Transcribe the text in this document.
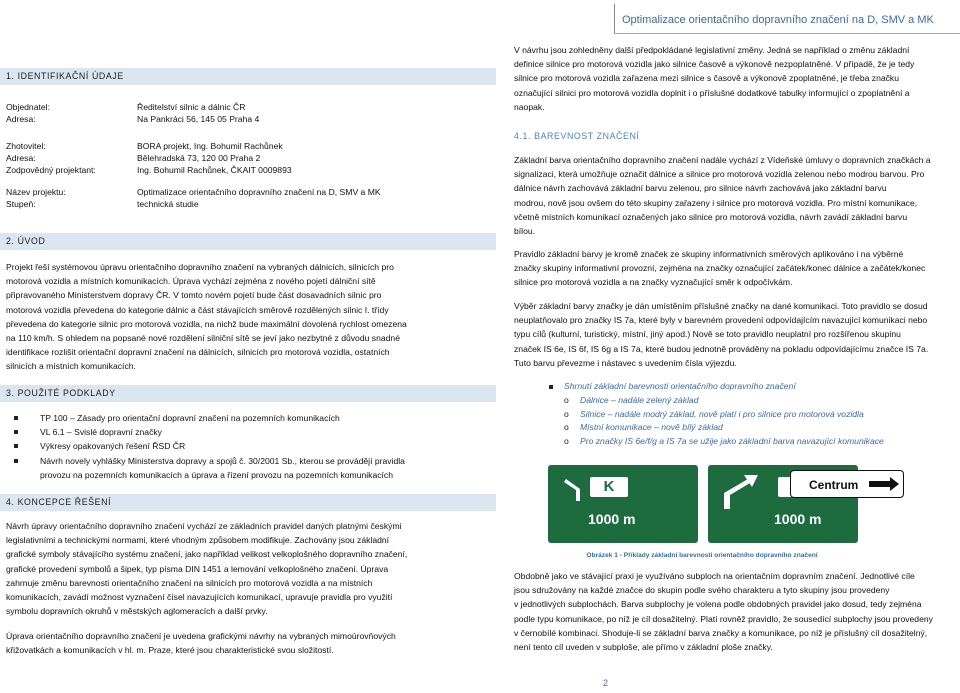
Optimalizace orientačního dopravního značení na D, SMV a MK
1. IDENTIFIKAČNÍ ÚDAJE
Objednatel:	Ředitelství silnic a dálnic ČR
Adresa:	Na Pankráci 56, 145 05 Praha 4
Zhotovitel:	BORA projekt, Ing. Bohumil Rachůnek
Adresa:	Bělehradská 73, 120 00 Praha 2
Zodpovědný projektant:	Ing. Bohumil Rachůnek, ČKAIT 0009893
Název projektu:	Optimalizace orientačního dopravního značení na D, SMV a MK
Stupeň:	technická studie
2. ÚVOD
Projekt řeší systémovou úpravu orientačního dopravního značení na vybraných dálnicích, silnicích pro
motorová vozidla a místních komunikacích. Úprava vychází zejména z nového pojetí dálniční sítě
připravovaného Ministerstvem dopravy ČR. V tomto novém pojetí bude část dosavadních silnic pro
motorová vozidla převedena do kategorie dálnic a část stávajících směrově rozdělených silnic I. třídy
převedena do kategorie silnic pro motorová vozidla, na nichž bude maximální dovolená rychlost omezena
na 110 km/h. S ohledem na popsané nové rozdělení silniční sítě se jeví jako nezbytné z důvodu snadné
identifikace rozlišit orientační dopravní značení na dálnicích, silnicích pro motorová vozidla, ostatních
silnicích a místních komunikacích.
3. POUŽITÉ PODKLADY
TP 100 – Zásady pro orientační dopravní značení na pozemních komunikacích
VL 6.1 – Svislé dopravní značky
Výkresy opakovaných řešení ŘSD ČR
Návrh novely vyhlášky Ministerstva dopravy a spojů č. 30/2001 Sb., kterou se provádějí pravidla
provozu na pozemních komunikacích a úprava a řízení provozu na pozemních komunikacích
4. KONCEPCE ŘEŠENÍ
Návrh úpravy orientačního dopravního značení vychází ze základních pravidel daných platnými českými
legislativními a technickými normami, které vhodným způsobem modifikuje. Zachovány jsou základní
grafické symboly stávajícího systému značení, jako například velikost velkoplošného dopravního značení,
grafické provedení symbolů a šipek, typ písma DIN 1451 a lemování velkoplošného značení. Úprava
zahrnuje změnu barevnosti orientačního značení na silnicích pro motorová vozidla a na místních
komunikacích, zavádí možnost vyznačení čísel navazujících komunikací, upravuje pravidla pro využití
symbolu dopravních okruhů v městských aglomeracích a další prvky.
Úprava orientačního dopravního značení je uvedena grafickými návrhy na vybraných mimoúrovňových
křižovatkách a komunikacích v hl. m. Praze, které jsou charakteristické svou složitostí.
V návrhu jsou zohledněny další předpokládané legislativní změny. Jedná se například o změnu základní
definice silnice pro motorová vozidla jako silnice časově a výkonově nezpoplatněné. V případě, že je tedy
silnice pro motorová vozidla zařazena mezi silnice s časově a výkonově zpoplatněné, je třeba značku
označující silnici pro motorová vozidla doplnit i o příslušné dodatkové tabulky informující o zpoplatnění a
naopak.
4.1. BAREVNOST ZNAČENÍ
Základní barva orientačního dopravního značení nadále vychází z Vídeňské úmluvy o dopravních značkách a
signalizaci, která umožňuje označit dálnice a silnice pro motorová vozidla zelenou nebo modrou barvou. Pro
dálnice návrh zachovává základní barvu zelenou, pro silnice návrh zachovává jako základní barvu
modrou, nově jsou ovšem do této skupiny zařazeny i silnice pro motorová vozidla. Pro místní komunikace,
včetně místních komunikací označených jako silnice pro motorová vozidla, návrh zavádí základní barvu
bílou.
Pravidlo základní barvy je kromě značek ze skupiny informativních směrových aplikováno i na výběrné
značky skupiny informativní provozní, zejména na značky označující začátek/konec dálnice a začátek/konec
silnice pro motorová vozidla a na značky vyznačující směr k odpočívkám.
Výběr základní barvy značky je dán umístěním příslušné značky na dané komunikaci. Toto pravidlo se dosud
neuplatňovalo pro značky IS 7a, které byly v barevném provedení odpovídajícím navazující komunikaci nebo
typu cílů (kulturní, turistický, místní, jiný apod.) Nově se toto pravidlo neuplatní pro rozšířenou skupinu
značek IS 6e, IS 6f, IS 6g a IS 7a, které budou jednotně prováděny na pokladu odpovídajícímu značce IS 7a.
Tuto barvu převezme i nástavec s uvedením čísla výjezdu.
Shrnutí základní barevnosti orientačního dopravního značení
o Dálnice – nadále zelený základ
o Silnice – nadále modrý základ, nově platí i pro silnice pro motorová vozidla
o Místní komunikace – nově bílý základ
o Pro značky IS 6e/f/g a IS 7a se užije jako základní barva navazující komunikace
K
1000 m	1000 m
Centrum
Obrázek 1 - Příklady základní barevnosti orientačního dopravního značení
Obdobně jako ve stávající praxi je využíváno subploch na orientačním dopravním značení. Jednotlivé cíle
jsou sdružovány na každé značce do skupin podle svého charakteru a tyto skupiny jsou provedeny
v jednotlivých subplochách. Barva subplochy je volena podle obdobných pravidel jako dosud, tedy zejména
podle typu komunikace, po níž je cíl dosažitelný. Platí rovněž pravidlo, že sousedící subplochy jsou provedeny
v černobílé kombinaci. Shoduje-li se základní barva značky a komunikace, po níž je příslušný cíl dosažitelný,
není tento cíl uveden v subploše, ale přímo v základní ploše značky.
2
